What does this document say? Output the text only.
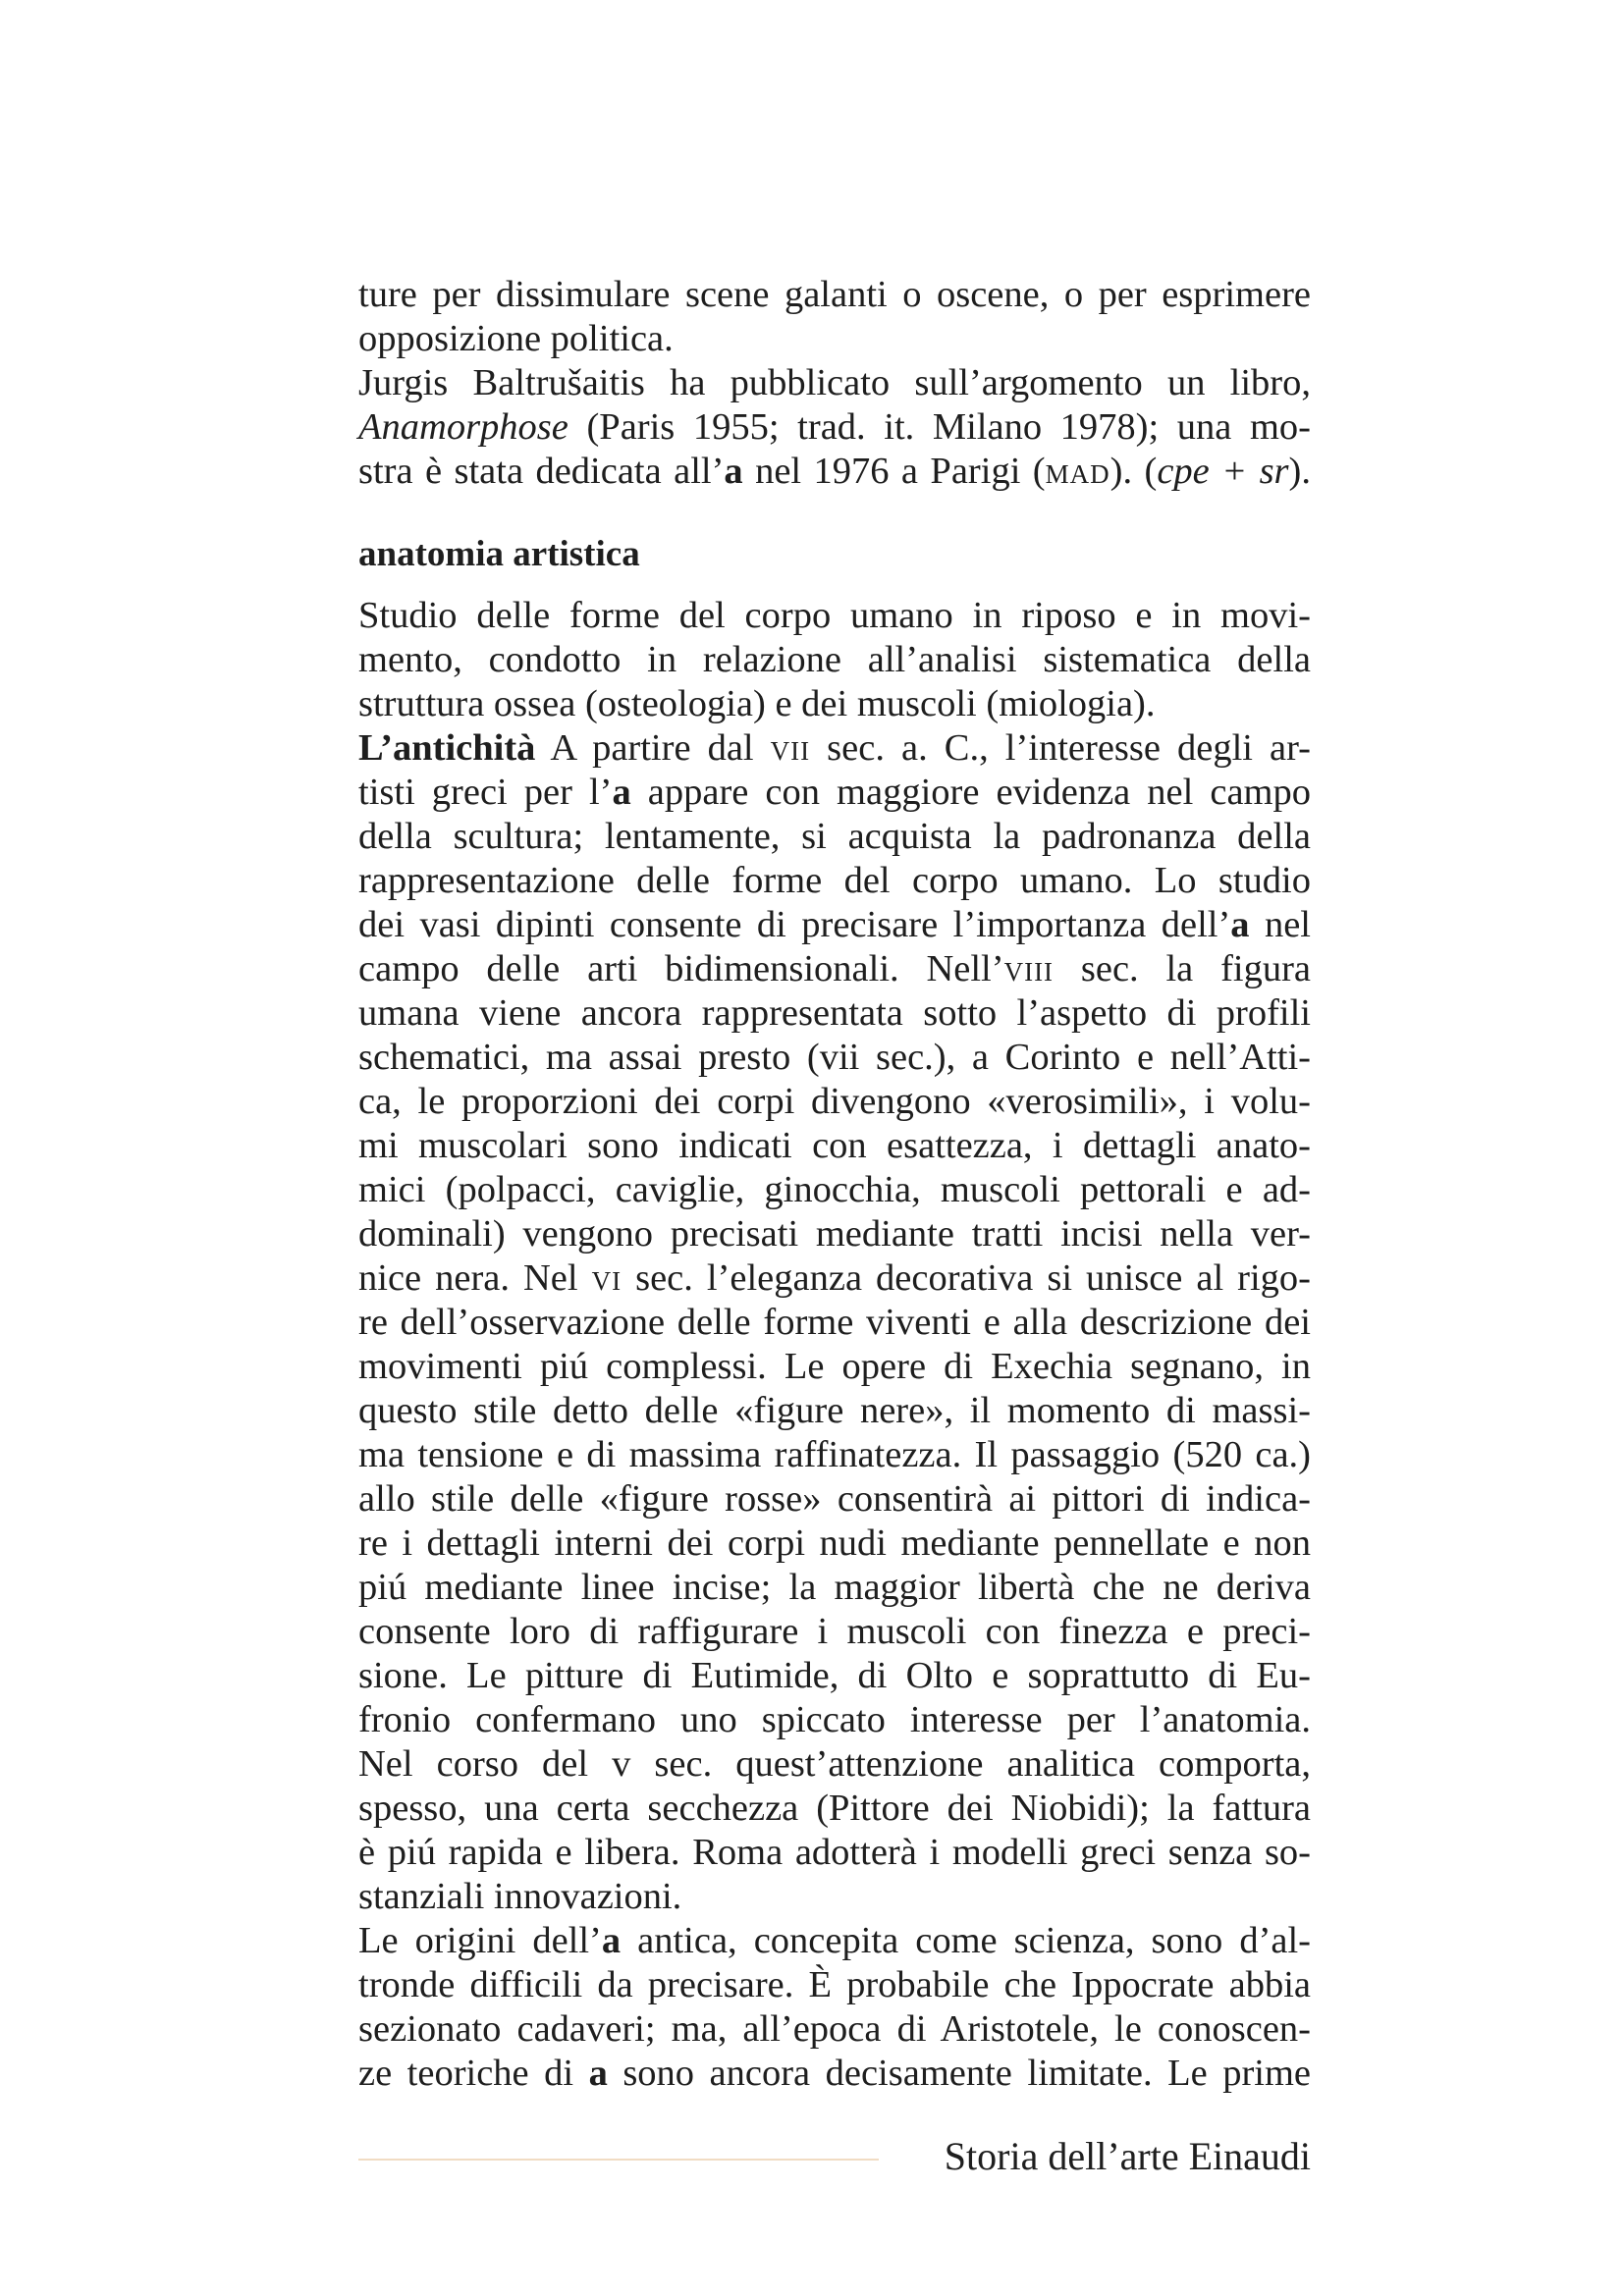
ture per dissimulare scene galanti o oscene, o per esprimere
opposizione politica.
Jurgis Baltrušaitis ha pubblicato sull’argomento un libro,
Anamorphose (Paris 1955; trad. it. Milano 1978); una mo-
stra è stata dedicata all’a nel 1976 a Parigi (mad). (cpe + sr).
anatomia artistica
Studio delle forme del corpo umano in riposo e in movi-
mento, condotto in relazione all’analisi sistematica della
struttura ossea (osteologia) e dei muscoli (miologia).
L’antichità A partire dal vii sec. a. C., l’interesse degli ar-
tisti greci per l’a appare con maggiore evidenza nel campo
della scultura; lentamente, si acquista la padronanza della
rappresentazione delle forme del corpo umano. Lo studio
dei vasi dipinti consente di precisare l’importanza dell’a nel
campo delle arti bidimensionali. Nell’viii sec. la figura
umana viene ancora rappresentata sotto l’aspetto di profili
schematici, ma assai presto (vii sec.), a Corinto e nell’Atti-
ca, le proporzioni dei corpi divengono «verosimili», i volu-
mi muscolari sono indicati con esattezza, i dettagli anato-
mici (polpacci, caviglie, ginocchia, muscoli pettorali e ad-
dominali) vengono precisati mediante tratti incisi nella ver-
nice nera. Nel vi sec. l’eleganza decorativa si unisce al rigo-
re dell’osservazione delle forme viventi e alla descrizione dei
movimenti piú complessi. Le opere di Exechia segnano, in
questo stile detto delle «figure nere», il momento di massi-
ma tensione e di massima raffinatezza. Il passaggio (520 ca.)
allo stile delle «figure rosse» consentirà ai pittori di indica-
re i dettagli interni dei corpi nudi mediante pennellate e non
piú mediante linee incise; la maggior libertà che ne deriva
consente loro di raffigurare i muscoli con finezza e preci-
sione. Le pitture di Eutimide, di Olto e soprattutto di Eu-
fronio confermano uno spiccato interesse per l’anatomia.
Nel corso del v sec. quest’attenzione analitica comporta,
spesso, una certa secchezza (Pittore dei Niobidi); la fattura
è piú rapida e libera. Roma adotterà i modelli greci senza so-
stanziali innovazioni.
Le origini dell’a antica, concepita come scienza, sono d’al-
tronde difficili da precisare. È probabile che Ippocrate abbia
sezionato cadaveri; ma, all’epoca di Aristotele, le conoscen-
ze teoriche di a sono ancora decisamente limitate. Le prime
Storia dell’arte Einaudi
